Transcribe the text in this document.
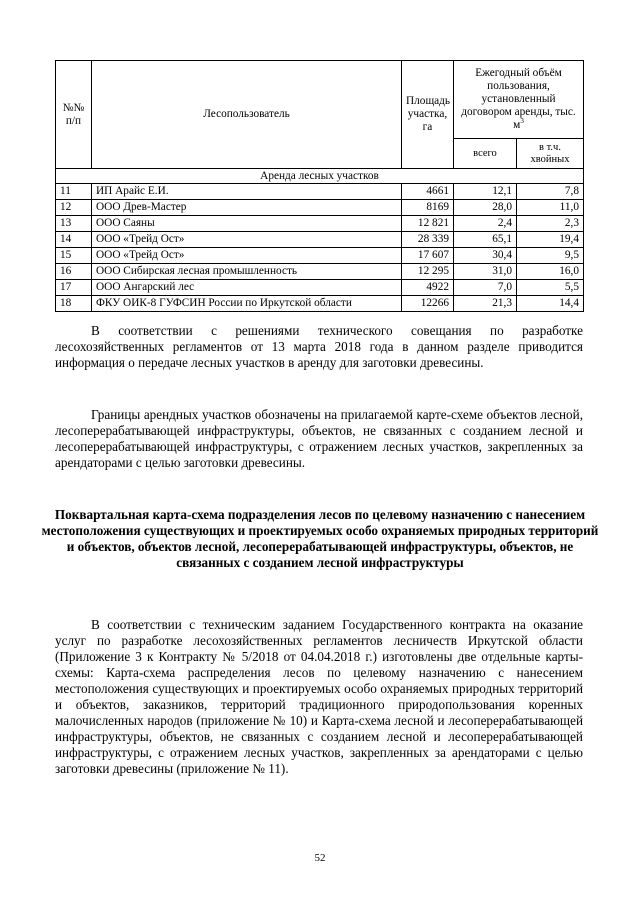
№№ п/п	Лесопользователь	Площадь участка, га	Ежегодный объём пользования, установленный договором аренды, тыс. $м^3$
			всего	в т.ч. хвойных
Аренда лесных участков				
11	ИП Арайс Е.И.	4661	12,1	7,8
12	ООО Древ-Мастер	8169	28,0	11,0
13	ООО Саяны	12 821	2,4	2,3
14	ООО «Трейд Ост»	28 339	65,1	19,4
15	ООО «Трейд Ост»	17 607	30,4	9,5
16	ООО Сибирская лесная промышленность	12 295	31,0	16,0
17	ООО Ангарский лес	4922	7,0	5,5
18	ФКУ ОИК-8 ГУФСИН России по Иркутской области	12266	21,3	14,4

В соответствии с решениями технического совещания по разработке лесохозяйственных регламентов от 13 марта 2018 года в данном разделе приводится информация о передаче лесных участков в аренду для заготовки древесины.

Границы арендных участков обозначены на прилагаемой карте-схеме объектов лесной, лесоперерабатывающей инфраструктуры, объектов, не связанных с созданием лесной и лесоперерабатывающей инфраструктуры, с отражением лесных участков, закрепленных за арендаторами с целью заготовки древесины.

Поквартальная карта-схема подразделения лесов по целевому назначению с нанесением местоположения существующих и проектируемых особо охраняемых природных территорий и объектов, объектов лесной, лесоперерабатывающей инфраструктуры, объектов, не связанных с созданием лесной инфраструктуры

В соответствии с техническим заданием Государственного контракта на оказание услуг по разработке лесохозяйственных регламентов лесничеств Иркутской области (Приложение 3 к Контракту № 5/2018 от 04.04.2018 г.) изготовлены две отдельные карты-схемы: Карта-схема распределения лесов по целевому назначению с нанесением местоположения существующих и проектируемых особо охраняемых природных территорий и объектов, заказников, территорий традиционного природопользования коренных малочисленных народов (приложение № 10) и Карта-схема лесной и лесоперерабатывающей инфраструктуры, объектов, не связанных с созданием лесной и лесоперерабатывающей инфраструктуры, с отражением лесных участков, закрепленных за арендаторами с целью заготовки древесины (приложение № 11).

52
